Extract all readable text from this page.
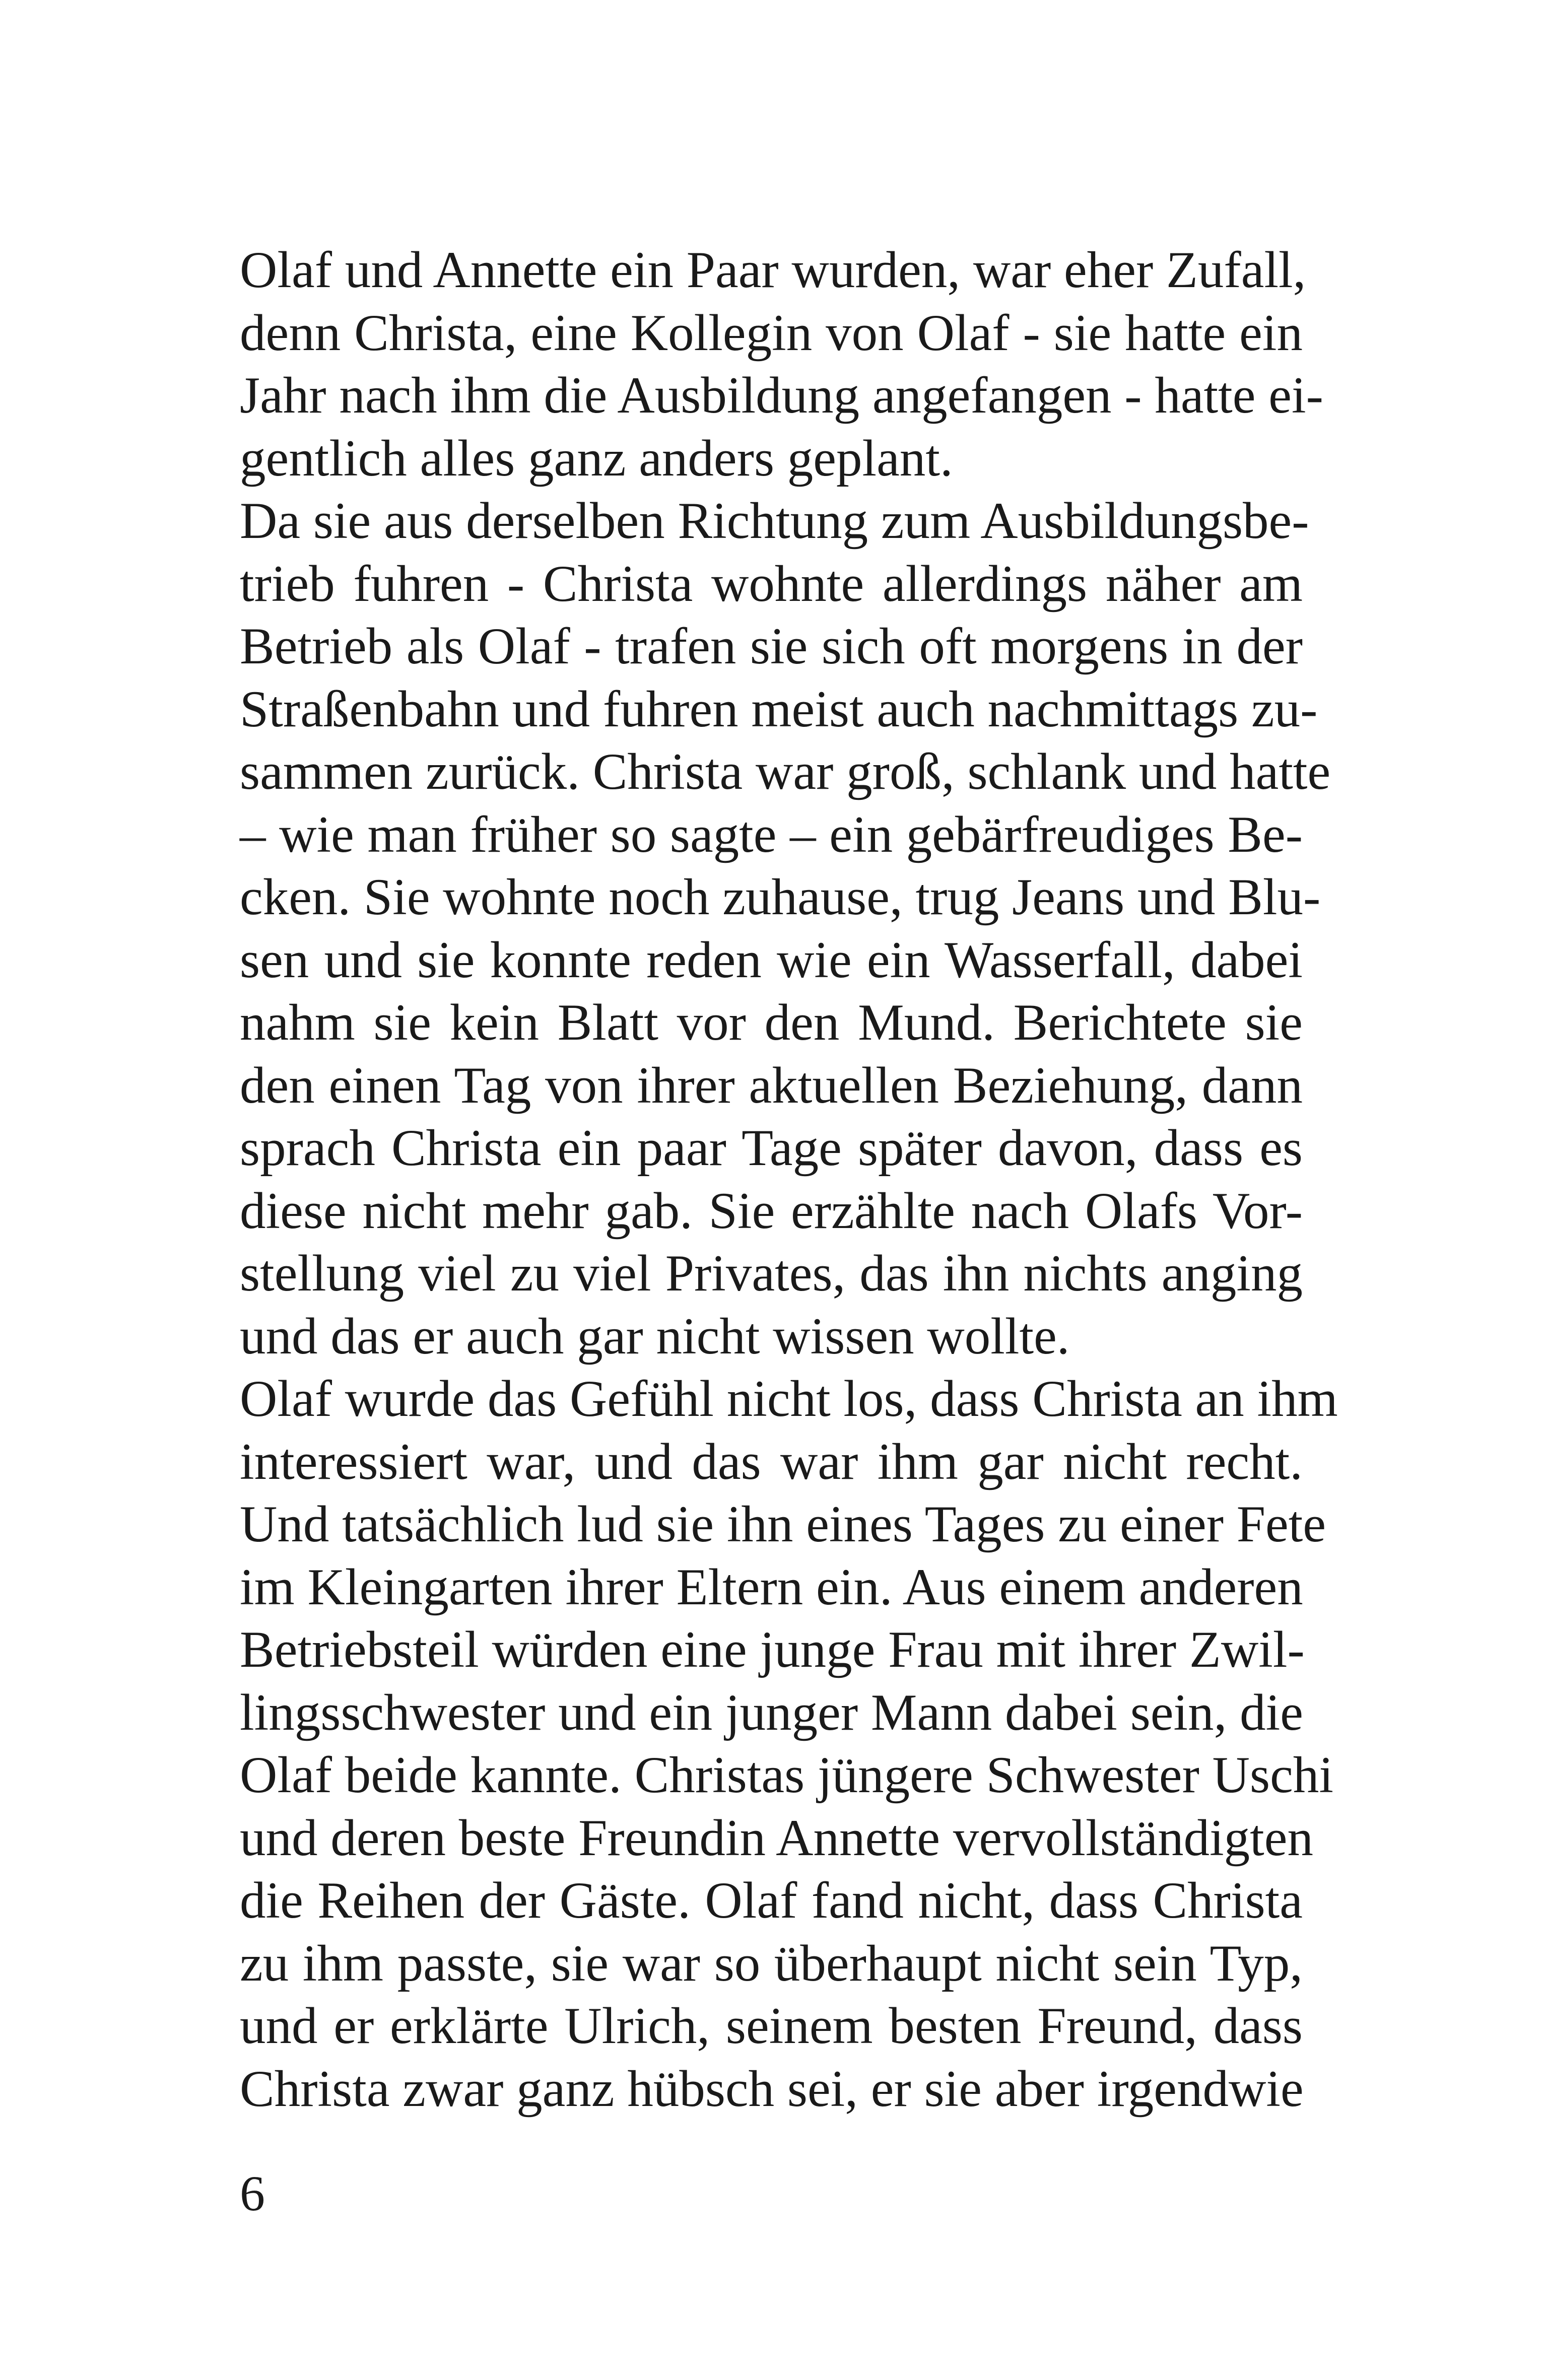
Olaf und Annette ein Paar wurden, war eher Zufall,
denn Christa, eine Kollegin von Olaf - sie hatte ein
Jahr nach ihm die Ausbildung angefangen - hatte ei-
gentlich alles ganz anders geplant.
Da sie aus derselben Richtung zum Ausbildungsbe-
trieb fuhren - Christa wohnte allerdings näher am
Betrieb als Olaf - trafen sie sich oft morgens in der
Straßenbahn und fuhren meist auch nachmittags zu-
sammen zurück. Christa war groß, schlank und hatte
– wie man früher so sagte – ein gebärfreudiges Be-
cken. Sie wohnte noch zuhause, trug Jeans und Blu-
sen und sie konnte reden wie ein Wasserfall, dabei
nahm sie kein Blatt vor den Mund. Berichtete sie
den einen Tag von ihrer aktuellen Beziehung, dann
sprach Christa ein paar Tage später davon, dass es
diese nicht mehr gab. Sie erzählte nach Olafs Vor-
stellung viel zu viel Privates, das ihn nichts anging
und das er auch gar nicht wissen wollte.
Olaf wurde das Gefühl nicht los, dass Christa an ihm
interessiert war, und das war ihm gar nicht recht.
Und tatsächlich lud sie ihn eines Tages zu einer Fete
im Kleingarten ihrer Eltern ein. Aus einem anderen
Betriebsteil würden eine junge Frau mit ihrer Zwil-
lingsschwester und ein junger Mann dabei sein, die
Olaf beide kannte. Christas jüngere Schwester Uschi
und deren beste Freundin Annette vervollständigten
die Reihen der Gäste. Olaf fand nicht, dass Christa
zu ihm passte, sie war so überhaupt nicht sein Typ,
und er erklärte Ulrich, seinem besten Freund, dass
Christa zwar ganz hübsch sei, er sie aber irgendwie
6
